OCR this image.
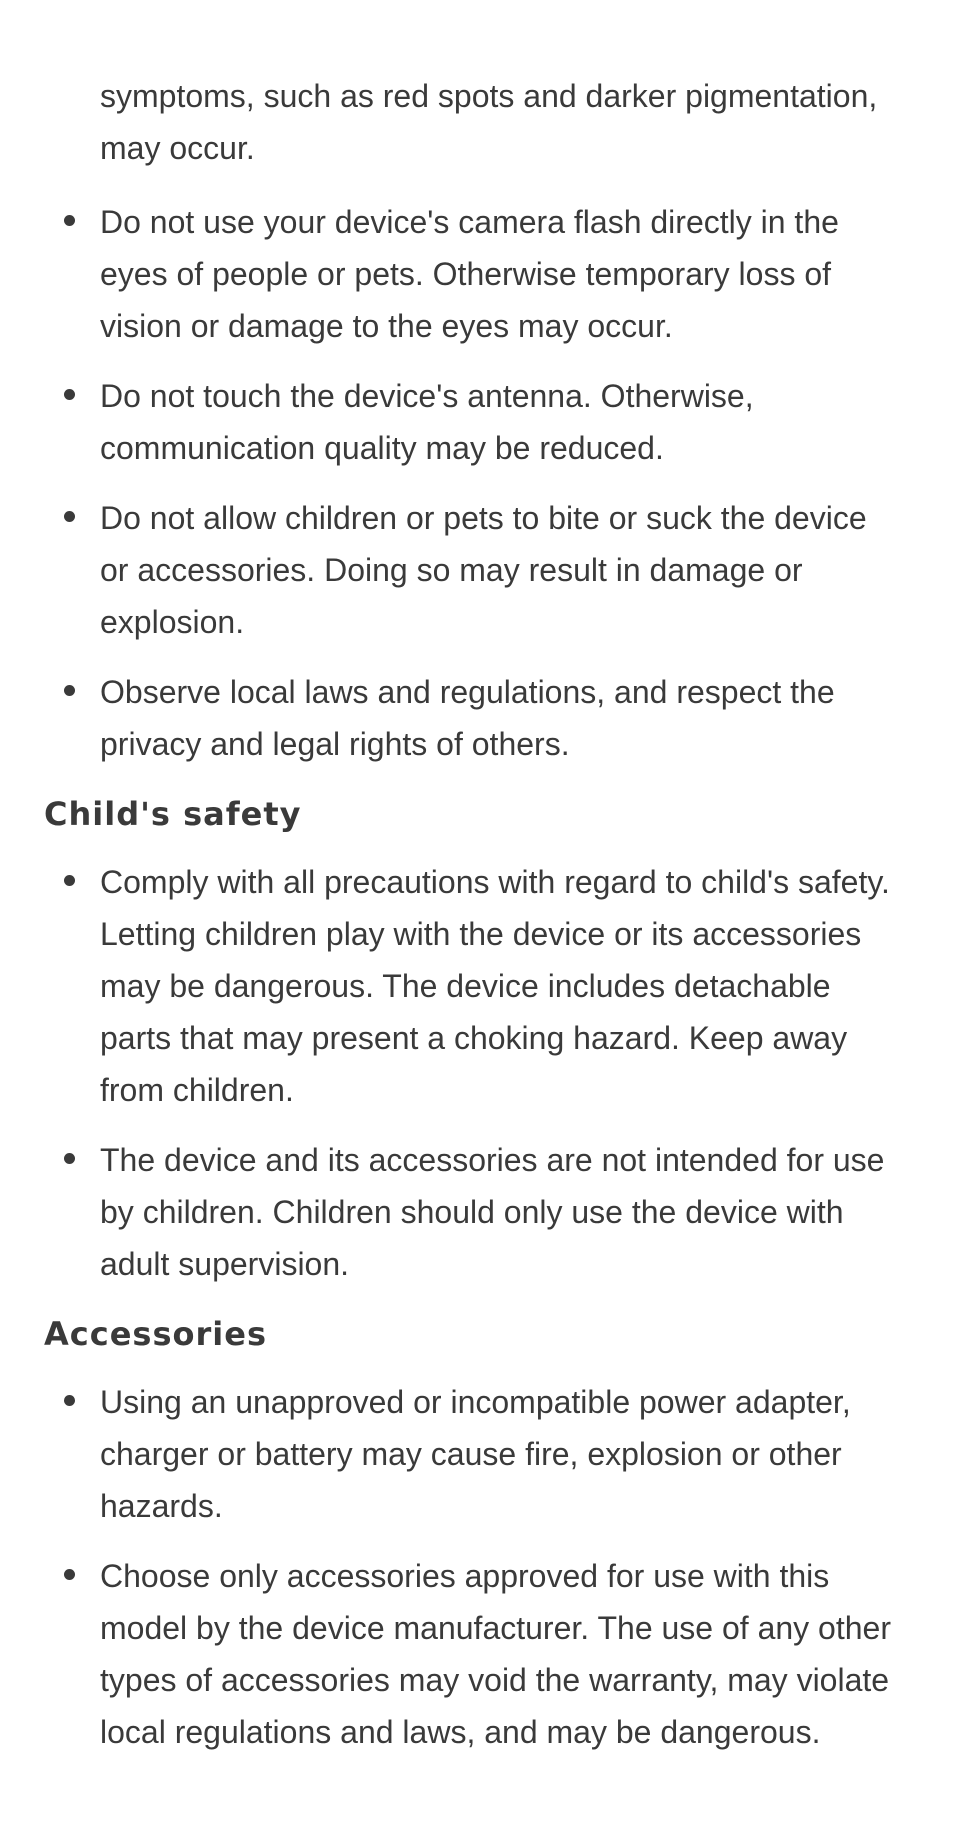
symptoms, such as red spots and darker pigmentation, may occur.

Do not use your device's camera flash directly in the eyes of people or pets. Otherwise temporary loss of vision or damage to the eyes may occur.
Do not touch the device's antenna. Otherwise, communication quality may be reduced.
Do not allow children or pets to bite or suck the device or accessories. Doing so may result in damage or explosion.
Observe local laws and regulations, and respect the privacy and legal rights of others.
Child's safety
Comply with all precautions with regard to child's safety. Letting children play with the device or its accessories may be dangerous. The device includes detachable parts that may present a choking hazard. Keep away from children.
The device and its accessories are not intended for use by children. Children should only use the device with adult supervision.
Accessories
Using an unapproved or incompatible power adapter, charger or battery may cause fire, explosion or other hazards.
Choose only accessories approved for use with this model by the device manufacturer. The use of any other types of accessories may void the warranty, may violate local regulations and laws, and may be dangerous.
